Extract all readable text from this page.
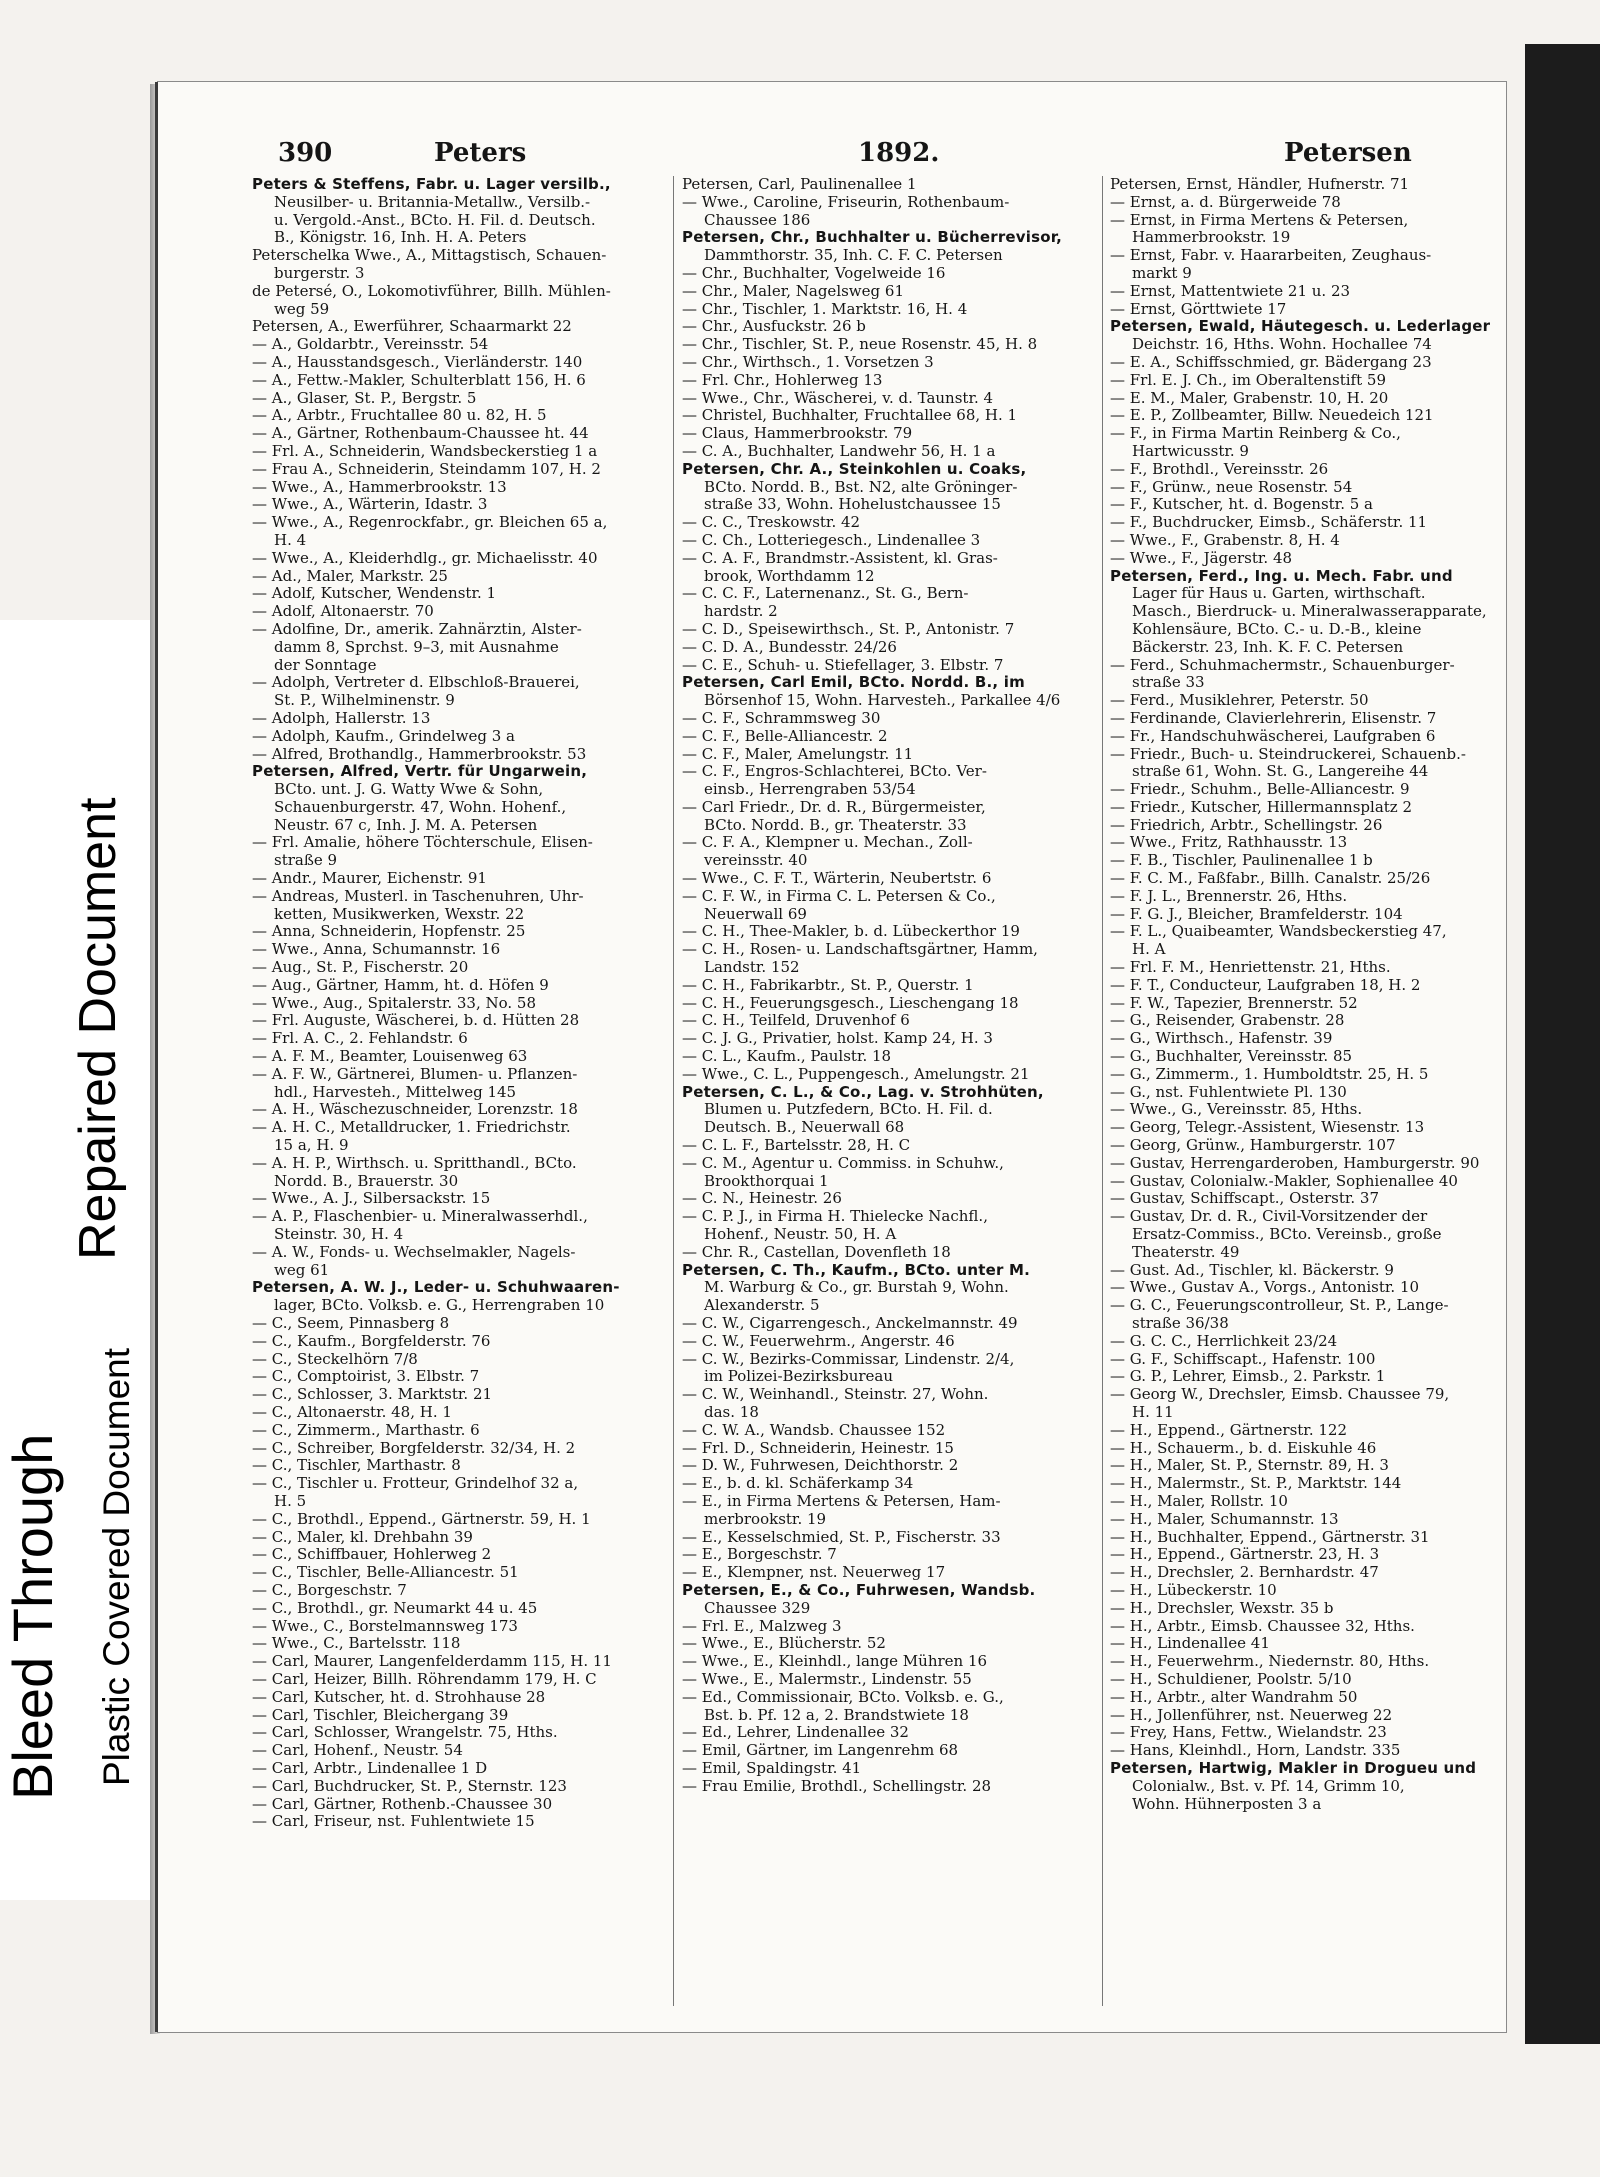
390	Peters	1892.	Petersen
Peters & Steffens, Fabr. u. Lager versilb.,
Neusilber- u. Britannia-Metallw., Versilb.-
u. Vergold.-Anst., BCto. H. Fil. d. Deutsch.
B., Königstr. 16, Inh. H. A. Peters
Peterschelka Wwe., A., Mittagstisch, Schauen-
burgerstr. 3
de Petersé, O., Lokomotivführer, Billh. Mühlen-
weg 59
Petersen, A., Ewerführer, Schaarmarkt 22
— A., Goldarbtr., Vereinsstr. 54
— A., Hausstandsgesch., Vierländerstr. 140
— A., Fettw.-Makler, Schulterblatt 156, H. 6
— A., Glaser, St. P., Bergstr. 5
— A., Arbtr., Fruchtallee 80 u. 82, H. 5
— A., Gärtner, Rothenbaum-Chaussee ht. 44
— Frl. A., Schneiderin, Wandsbeckerstieg 1 a
— Frau A., Schneiderin, Steindamm 107, H. 2
— Wwe., A., Hammerbrookstr. 13
— Wwe., A., Wärterin, Idastr. 3
— Wwe., A., Regenrockfabr., gr. Bleichen 65 a,
H. 4
— Wwe., A., Kleiderhdlg., gr. Michaelisstr. 40
— Ad., Maler, Markstr. 25
— Adolf, Kutscher, Wendenstr. 1
— Adolf, Altonaerstr. 70
— Adolfine, Dr., amerik. Zahnärztin, Alster-
damm 8, Sprchst. 9–3, mit Ausnahme
der Sonntage
— Adolph, Vertreter d. Elbschloß-Brauerei,
St. P., Wilhelminenstr. 9
— Adolph, Hallerstr. 13
— Adolph, Kaufm., Grindelweg 3 a
— Alfred, Brothandlg., Hammerbrookstr. 53
Petersen, Alfred, Vertr. für Ungarwein,
BCto. unt. J. G. Watty Wwe & Sohn,
Schauenburgerstr. 47, Wohn. Hohenf.,
Neustr. 67 c, Inh. J. M. A. Petersen
— Frl. Amalie, höhere Töchterschule, Elisen-
straße 9
— Andr., Maurer, Eichenstr. 91
— Andreas, Musterl. in Taschenuhren, Uhr-
ketten, Musikwerken, Wexstr. 22
— Anna, Schneiderin, Hopfenstr. 25
— Wwe., Anna, Schumannstr. 16
— Aug., St. P., Fischerstr. 20
— Aug., Gärtner, Hamm, ht. d. Höfen 9
— Wwe., Aug., Spitalerstr. 33, No. 58
— Frl. Auguste, Wäscherei, b. d. Hütten 28
— Frl. A. C., 2. Fehlandstr. 6
— A. F. M., Beamter, Louisenweg 63
— A. F. W., Gärtnerei, Blumen- u. Pflanzen-
hdl., Harvesteh., Mittelweg 145
— A. H., Wäschezuschneider, Lorenzstr. 18
— A. H. C., Metalldrucker, 1. Friedrichstr.
15 a, H. 9
— A. H. P., Wirthsch. u. Spritthandl., BCto.
Nordd. B., Brauerstr. 30
— Wwe., A. J., Silbersackstr. 15
— A. P., Flaschenbier- u. Mineralwasserhdl.,
Steinstr. 30, H. 4
— A. W., Fonds- u. Wechselmakler, Nagels-
weg 61
Petersen, A. W. J., Leder- u. Schuhwaaren-
lager, BCto. Volksb. e. G., Herrengraben 10
— C., Seem, Pinnasberg 8
— C., Kaufm., Borgfelderstr. 76
— C., Steckelhörn 7/8
— C., Comptoirist, 3. Elbstr. 7
— C., Schlosser, 3. Marktstr. 21
— C., Altonaerstr. 48, H. 1
— C., Zimmerm., Marthastr. 6
— C., Schreiber, Borgfelderstr. 32/34, H. 2
— C., Tischler, Marthastr. 8
— C., Tischler u. Frotteur, Grindelhof 32 a,
H. 5
— C., Brothdl., Eppend., Gärtnerstr. 59, H. 1
— C., Maler, kl. Drehbahn 39
— C., Schiffbauer, Hohlerweg 2
— C., Tischler, Belle-Alliancestr. 51
— C., Borgeschstr. 7
— C., Brothdl., gr. Neumarkt 44 u. 45
— Wwe., C., Borstelmannsweg 173
— Wwe., C., Bartelsstr. 118
— Carl, Maurer, Langenfelderdamm 115, H. 11
— Carl, Heizer, Billh. Röhrendamm 179, H. C
— Carl, Kutscher, ht. d. Strohhause 28
— Carl, Tischler, Bleichergang 39
— Carl, Schlosser, Wrangelstr. 75, Hths.
— Carl, Hohenf., Neustr. 54
— Carl, Arbtr., Lindenallee 1 D
— Carl, Buchdrucker, St. P., Sternstr. 123
— Carl, Gärtner, Rothenb.-Chaussee 30
— Carl, Friseur, nst. Fuhlentwiete 15
Petersen, Carl, Paulinenallee 1
— Wwe., Caroline, Friseurin, Rothenbaum-
Chaussee 186
Petersen, Chr., Buchhalter u. Bücherrevisor,
Dammthorstr. 35, Inh. C. F. C. Petersen
— Chr., Buchhalter, Vogelweide 16
— Chr., Maler, Nagelsweg 61
— Chr., Tischler, 1. Marktstr. 16, H. 4
— Chr., Ausfuckstr. 26 b
— Chr., Tischler, St. P., neue Rosenstr. 45, H. 8
— Chr., Wirthsch., 1. Vorsetzen 3
— Frl. Chr., Hohlerweg 13
— Wwe., Chr., Wäscherei, v. d. Taunstr. 4
— Christel, Buchhalter, Fruchtallee 68, H. 1
— Claus, Hammerbrookstr. 79
— C. A., Buchhalter, Landwehr 56, H. 1 a
Petersen, Chr. A., Steinkohlen u. Coaks,
BCto. Nordd. B., Bst. N2, alte Gröninger-
straße 33, Wohn. Hohelustchaussee 15
— C. C., Treskowstr. 42
— C. Ch., Lotteriegesch., Lindenallee 3
— C. A. F., Brandmstr.-Assistent, kl. Gras-
brook, Worthdamm 12
— C. C. F., Laternenanz., St. G., Bern-
hardstr. 2
— C. D., Speisewirthsch., St. P., Antonistr. 7
— C. D. A., Bundesstr. 24/26
— C. E., Schuh- u. Stiefellager, 3. Elbstr. 7
Petersen, Carl Emil, BCto. Nordd. B., im
Börsenhof 15, Wohn. Harvesteh., Parkallee 4/6
— C. F., Schrammsweg 30
— C. F., Belle-Alliancestr. 2
— C. F., Maler, Amelungstr. 11
— C. F., Engros-Schlachterei, BCto. Ver-
einsb., Herrengraben 53/54
— Carl Friedr., Dr. d. R., Bürgermeister,
BCto. Nordd. B., gr. Theaterstr. 33
— C. F. A., Klempner u. Mechan., Zoll-
vereinsstr. 40
— Wwe., C. F. T., Wärterin, Neubertstr. 6
— C. F. W., in Firma C. L. Petersen & Co.,
Neuerwall 69
— C. H., Thee-Makler, b. d. Lübeckerthor 19
— C. H., Rosen- u. Landschaftsgärtner, Hamm,
Landstr. 152
— C. H., Fabrikarbtr., St. P., Querstr. 1
— C. H., Feuerungsgesch., Lieschengang 18
— C. H., Teilfeld, Druvenhof 6
— C. J. G., Privatier, holst. Kamp 24, H. 3
— C. L., Kaufm., Paulstr. 18
— Wwe., C. L., Puppengesch., Amelungstr. 21
Petersen, C. L., & Co., Lag. v. Strohhüten,
Blumen u. Putzfedern, BCto. H. Fil. d.
Deutsch. B., Neuerwall 68
— C. L. F., Bartelsstr. 28, H. C
— C. M., Agentur u. Commiss. in Schuhw.,
Brookthorquai 1
— C. N., Heinestr. 26
— C. P. J., in Firma H. Thielecke Nachfl.,
Hohenf., Neustr. 50, H. A
— Chr. R., Castellan, Dovenfleth 18
Petersen, C. Th., Kaufm., BCto. unter M.
M. Warburg & Co., gr. Burstah 9, Wohn.
Alexanderstr. 5
— C. W., Cigarrengesch., Anckelmannstr. 49
— C. W., Feuerwehrm., Angerstr. 46
— C. W., Bezirks-Commissar, Lindenstr. 2/4,
im Polizei-Bezirksbureau
— C. W., Weinhandl., Steinstr. 27, Wohn.
das. 18
— C. W. A., Wandsb. Chaussee 152
— Frl. D., Schneiderin, Heinestr. 15
— D. W., Fuhrwesen, Deichthorstr. 2
— E., b. d. kl. Schäferkamp 34
— E., in Firma Mertens & Petersen, Ham-
merbrookstr. 19
— E., Kesselschmied, St. P., Fischerstr. 33
— E., Borgeschstr. 7
— E., Klempner, nst. Neuerweg 17
Petersen, E., & Co., Fuhrwesen, Wandsb.
Chaussee 329
— Frl. E., Malzweg 3
— Wwe., E., Blücherstr. 52
— Wwe., E., Kleinhdl., lange Mühren 16
— Wwe., E., Malermstr., Lindenstr. 55
— Ed., Commissionair, BCto. Volksb. e. G.,
Bst. b. Pf. 12 a, 2. Brandstwiete 18
— Ed., Lehrer, Lindenallee 32
— Emil, Gärtner, im Langenrehm 68
— Emil, Spaldingstr. 41
— Frau Emilie, Brothdl., Schellingstr. 28
Petersen, Ernst, Händler, Hufnerstr. 71
— Ernst, a. d. Bürgerweide 78
— Ernst, in Firma Mertens & Petersen,
Hammerbrookstr. 19
— Ernst, Fabr. v. Haararbeiten, Zeughaus-
markt 9
— Ernst, Mattentwiete 21 u. 23
— Ernst, Görttwiete 17
Petersen, Ewald, Häutegesch. u. Lederlager
Deichstr. 16, Hths. Wohn. Hochallee 74
— E. A., Schiffsschmied, gr. Bädergang 23
— Frl. E. J. Ch., im Oberaltenstift 59
— E. M., Maler, Grabenstr. 10, H. 20
— E. P., Zollbeamter, Billw. Neuedeich 121
— F., in Firma Martin Reinberg & Co.,
Hartwicusstr. 9
— F., Brothdl., Vereinsstr. 26
— F., Grünw., neue Rosenstr. 54
— F., Kutscher, ht. d. Bogenstr. 5 a
— F., Buchdrucker, Eimsb., Schäferstr. 11
— Wwe., F., Grabenstr. 8, H. 4
— Wwe., F., Jägerstr. 48
Petersen, Ferd., Ing. u. Mech. Fabr. und
Lager für Haus u. Garten, wirthschaft.
Masch., Bierdruck- u. Mineralwasserapparate,
Kohlensäure, BCto. C.- u. D.-B., kleine
Bäckerstr. 23, Inh. K. F. C. Petersen
— Ferd., Schuhmachermstr., Schauenburger-
straße 33
— Ferd., Musiklehrer, Peterstr. 50
— Ferdinande, Clavierlehrerin, Elisenstr. 7
— Fr., Handschuhwäscherei, Laufgraben 6
— Friedr., Buch- u. Steindruckerei, Schauenb.-
straße 61, Wohn. St. G., Langereihe 44
— Friedr., Schuhm., Belle-Alliancestr. 9
— Friedr., Kutscher, Hillermannsplatz 2
— Friedrich, Arbtr., Schellingstr. 26
— Wwe., Fritz, Rathhausstr. 13
— F. B., Tischler, Paulinenallee 1 b
— F. C. M., Faßfabr., Billh. Canalstr. 25/26
— F. J. L., Brennerstr. 26, Hths.
— F. G. J., Bleicher, Bramfelderstr. 104
— F. L., Quaibeamter, Wandsbeckerstieg 47,
H. A
— Frl. F. M., Henriettenstr. 21, Hths.
— F. T., Conducteur, Laufgraben 18, H. 2
— F. W., Tapezier, Brennerstr. 52
— G., Reisender, Grabenstr. 28
— G., Wirthsch., Hafenstr. 39
— G., Buchhalter, Vereinsstr. 85
— G., Zimmerm., 1. Humboldtstr. 25, H. 5
— G., nst. Fuhlentwiete Pl. 130
— Wwe., G., Vereinsstr. 85, Hths.
— Georg, Telegr.-Assistent, Wiesenstr. 13
— Georg, Grünw., Hamburgerstr. 107
— Gustav, Herrengarderoben, Hamburgerstr. 90
— Gustav, Colonialw.-Makler, Sophienallee 40
— Gustav, Schiffscapt., Osterstr. 37
— Gustav, Dr. d. R., Civil-Vorsitzender der
Ersatz-Commiss., BCto. Vereinsb., große
Theaterstr. 49
— Gust. Ad., Tischler, kl. Bäckerstr. 9
— Wwe., Gustav A., Vorgs., Antonistr. 10
— G. C., Feuerungscontrolleur, St. P., Lange-
straße 36/38
— G. C. C., Herrlichkeit 23/24
— G. F., Schiffscapt., Hafenstr. 100
— G. P., Lehrer, Eimsb., 2. Parkstr. 1
— Georg W., Drechsler, Eimsb. Chaussee 79,
H. 11
— H., Eppend., Gärtnerstr. 122
— H., Schauerm., b. d. Eiskuhle 46
— H., Maler, St. P., Sternstr. 89, H. 3
— H., Malermstr., St. P., Marktstr. 144
— H., Maler, Rollstr. 10
— H., Maler, Schumannstr. 13
— H., Buchhalter, Eppend., Gärtnerstr. 31
— H., Eppend., Gärtnerstr. 23, H. 3
— H., Drechsler, 2. Bernhardstr. 47
— H., Lübeckerstr. 10
— H., Drechsler, Wexstr. 35 b
— H., Arbtr., Eimsb. Chaussee 32, Hths.
— H., Lindenallee 41
— H., Feuerwehrm., Niedernstr. 80, Hths.
— H., Schuldiener, Poolstr. 5/10
— H., Arbtr., alter Wandrahm 50
— H., Jollenführer, nst. Neuerweg 22
— Frey, Hans, Fettw., Wielandstr. 23
— Hans, Kleinhdl., Horn, Landstr. 335
Petersen, Hartwig, Makler in Drogueu und
Colonialw., Bst. v. Pf. 14, Grimm 10,
Wohn. Hühnerposten 3 a
Bleed Through
Repaired Document
Plastic Covered Document
